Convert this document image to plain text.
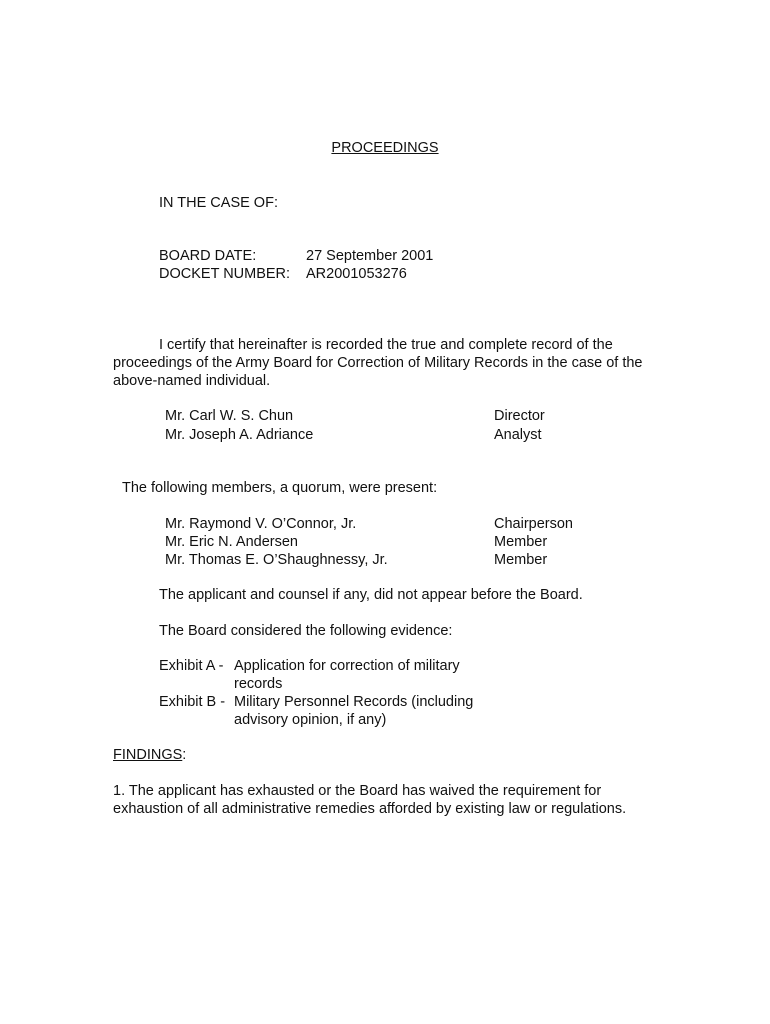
PROCEEDINGS
IN THE CASE OF:
BOARD DATE:	27 September 2001
DOCKET NUMBER: AR2001053276
I certify that hereinafter is recorded the true and complete record of the proceedings of the Army Board for Correction of Military Records in the case of the above-named individual.
Mr. Carl W. S. Chun	Director
Mr. Joseph A. Adriance	Analyst
The following members, a quorum, were present:
Mr. Raymond V. O’Connor, Jr.	Chairperson
Mr. Eric N. Andersen	Member
Mr. Thomas E. O’Shaughnessy, Jr.	Member
The applicant and counsel if any, did not appear before the Board.
The Board considered the following evidence:
Exhibit A - Application for correction of military
records
Exhibit B - Military Personnel Records (including
advisory opinion, if any)
FINDINGS:
1. The applicant has exhausted or the Board has waived the requirement for exhaustion of all administrative remedies afforded by existing law or regulations.
